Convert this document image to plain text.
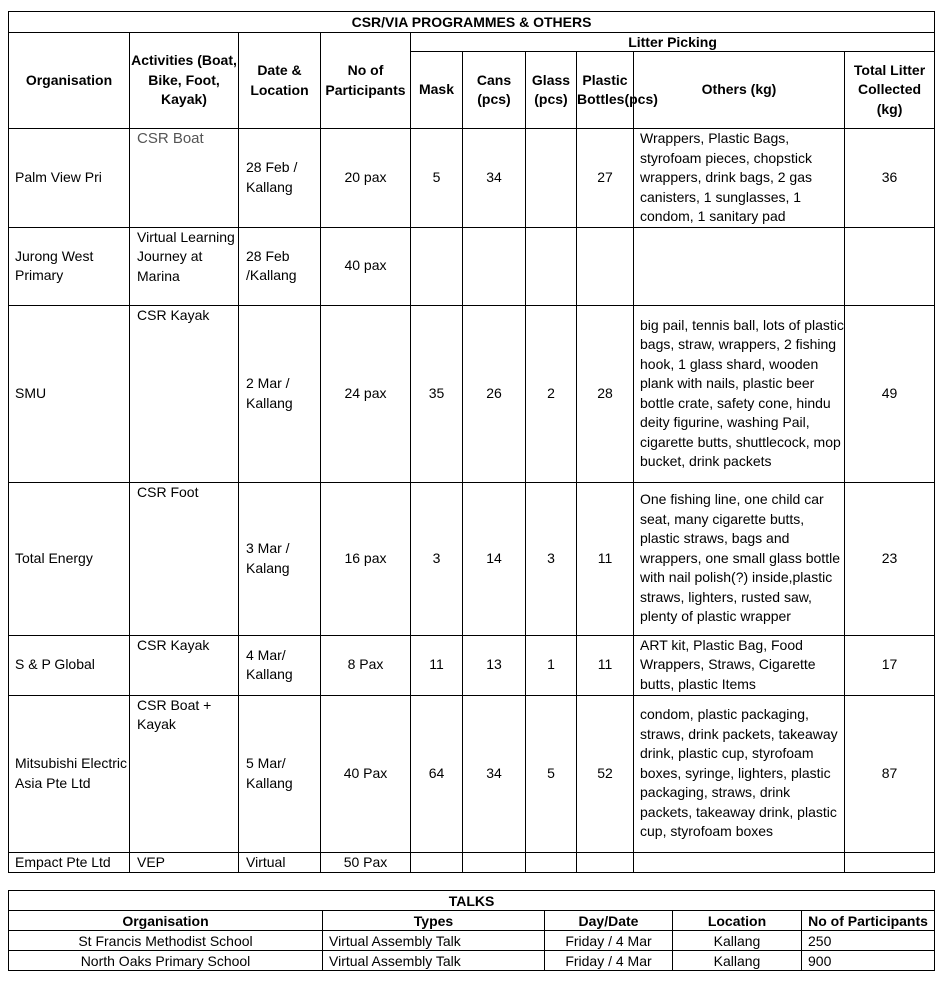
CSR/VIA PROGRAMMES & OTHERS									
Organisation	Activities (Boat, Bike, Foot, Kayak)	Date & Location	No of Participants	Litter Picking					
				Mask	Cans (pcs)	Glass (pcs)	Plastic Bottles(pcs)	Others (kg)	Total Litter Collected (kg)
Palm View Pri	CSR Boat	28 Feb / Kallang	20 pax	5	34		27	Wrappers, Plastic Bags, styrofoam pieces, chopstick wrappers, drink bags, 2 gas canisters, 1 sunglasses, 1 condom, 1 sanitary pad	36
Jurong West Primary	Virtual Learning Journey at Marina	28 Feb /Kallang	40 pax						
SMU	CSR Kayak	2 Mar / Kallang	24 pax	35	26	2	28	big pail, tennis ball, lots of plastic bags, straw, wrappers, 2 fishing hook, 1 glass shard, wooden plank with nails, plastic beer bottle crate, safety cone, hindu deity figurine, washing Pail, cigarette butts, shuttlecock, mop bucket, drink packets	49
Total Energy	CSR Foot	3 Mar / Kalang	16 pax	3	14	3	11	One fishing line, one child car seat, many cigarette butts, plastic straws, bags and wrappers, one small glass bottle with nail polish(?) inside,plastic straws, lighters, rusted saw, plenty of plastic wrapper	23
S & P Global	CSR Kayak	4 Mar/ Kallang	8 Pax	11	13	1	11	ART kit, Plastic Bag, Food Wrappers, Straws, Cigarette butts, plastic Items	17
Mitsubishi Electric Asia Pte Ltd	CSR Boat + Kayak	5 Mar/ Kallang	40 Pax	64	34	5	52	condom, plastic packaging, straws, drink packets, takeaway drink, plastic cup, styrofoam boxes, syringe, lighters, plastic packaging, straws, drink packets, takeaway drink, plastic cup, styrofoam boxes	87
Empact Pte Ltd	VEP	Virtual	50 Pax						
TALKS				
Organisation	Types	Day/Date	Location	No of Participants
St Francis Methodist School	Virtual Assembly Talk	Friday / 4 Mar	Kallang	250
North Oaks Primary School	Virtual Assembly Talk	Friday / 4 Mar	Kallang	900
